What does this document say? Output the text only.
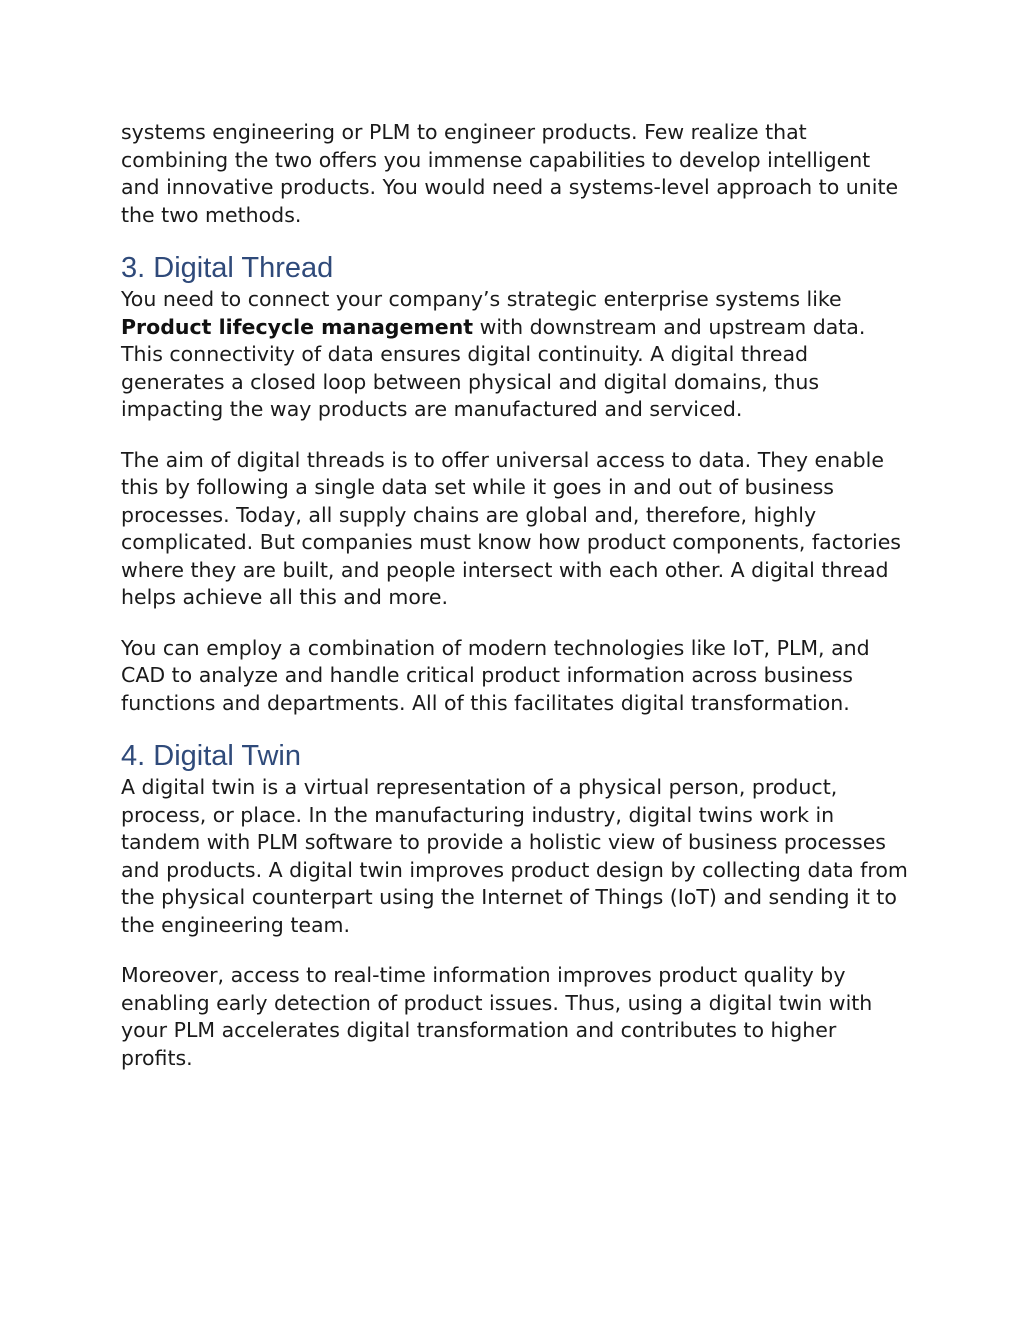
systems engineering or PLM to engineer products. Few realize that combining the two offers you immense capabilities to develop intelligent and innovative products. You would need a systems-level approach to unite the two methods.

3. Digital Thread

You need to connect your company’s strategic enterprise systems like Product lifecycle management with downstream and upstream data. This connectivity of data ensures digital continuity. A digital thread generates a closed loop between physical and digital domains, thus impacting the way products are manufactured and serviced.

The aim of digital threads is to offer universal access to data. They enable this by following a single data set while it goes in and out of business processes. Today, all supply chains are global and, therefore, highly complicated. But companies must know how product components, factories where they are built, and people intersect with each other. A digital thread helps achieve all this and more.

You can employ a combination of modern technologies like IoT, PLM, and CAD to analyze and handle critical product information across business functions and departments. All of this facilitates digital transformation.

4. Digital Twin

A digital twin is a virtual representation of a physical person, product, process, or place. In the manufacturing industry, digital twins work in tandem with PLM software to provide a holistic view of business processes and products. A digital twin improves product design by collecting data from the physical counterpart using the Internet of Things (IoT) and sending it to the engineering team.

Moreover, access to real-time information improves product quality by enabling early detection of product issues. Thus, using a digital twin with your PLM accelerates digital transformation and contributes to higher profits.
